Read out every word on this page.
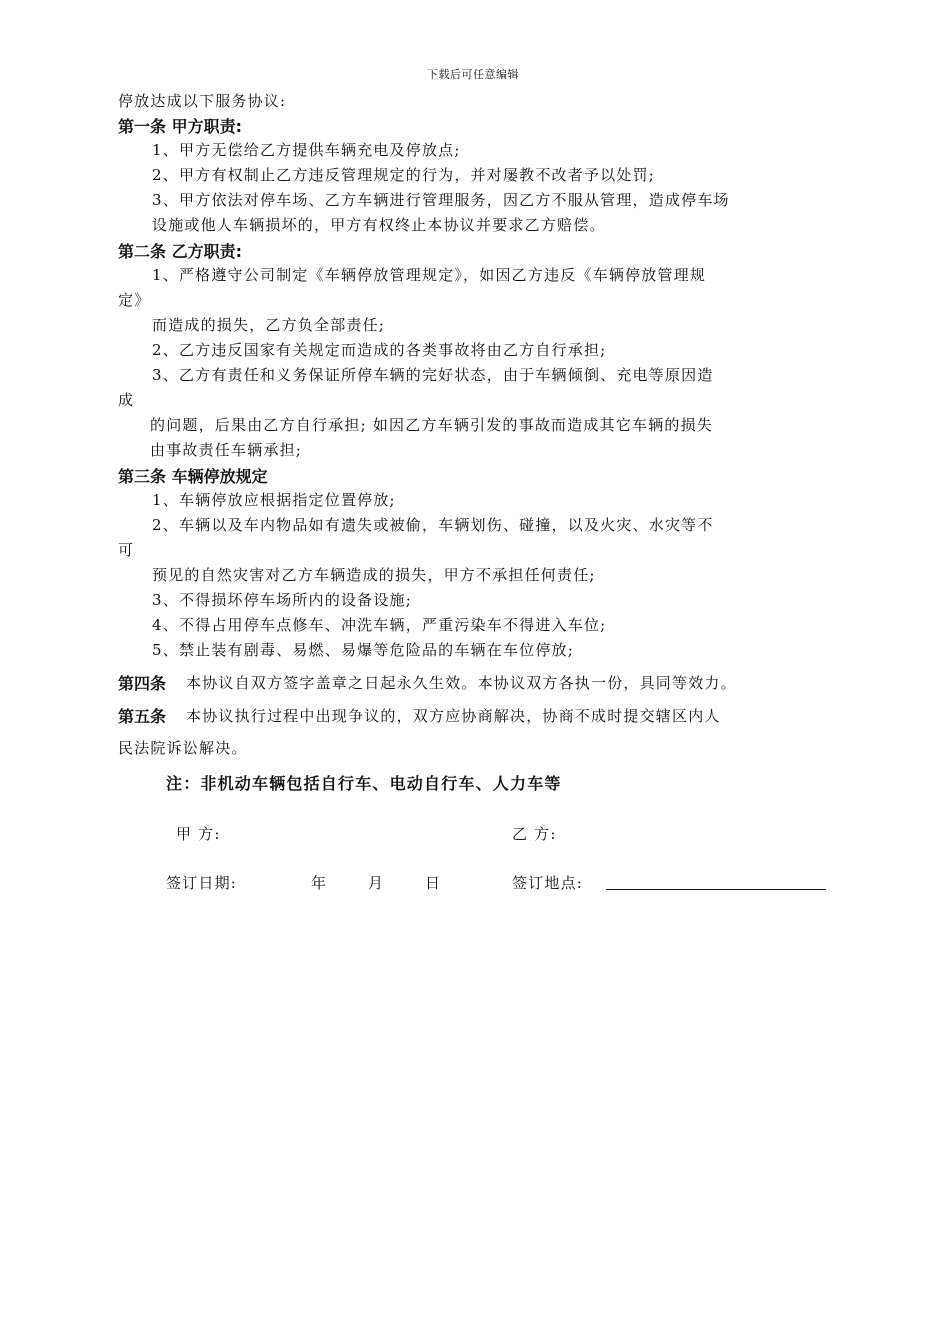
下载后可任意编辑
停放达成以下服务协议:
第一条 甲方职责:
1、甲方无偿给乙方提供车辆充电及停放点;
2、甲方有权制止乙方违反管理规定的行为，并对屡教不改者予以处罚;
3、甲方依法对停车场、乙方车辆进行管理服务，因乙方不服从管理，造成停车场
设施或他人车辆损坏的，甲方有权终止本协议并要求乙方赔偿。
第二条 乙方职责:
1、严格遵守公司制定《车辆停放管理规定》，如因乙方违反《车辆停放管理规
定》
而造成的损失，乙方负全部责任;
2、乙方违反国家有关规定而造成的各类事故将由乙方自行承担;
3、乙方有责任和义务保证所停车辆的完好状态，由于车辆倾倒、充电等原因造
成
的问题，后果由乙方自行承担; 如因乙方车辆引发的事故而造成其它车辆的损失
由事故责任车辆承担;
第三条 车辆停放规定
1、车辆停放应根据指定位置停放;
2、车辆以及车内物品如有遗失或被偷，车辆划伤、碰撞，以及火灾、水灾等不
可
预见的自然灾害对乙方车辆造成的损失，甲方不承担任何责任;
3、不得损坏停车场所内的设备设施;
4、不得占用停车点修车、冲洗车辆，严重污染车不得进入车位;
5、禁止装有剧毒、易燃、易爆等危险品的车辆在车位停放;
第四条 本协议自双方签字盖章之日起永久生效。本协议双方各执一份，具同等效力。
第五条 本协议执行过程中出现争议的，双方应协商解决，协商不成时提交辖区内人
民法院诉讼解决。
注：非机动车辆包括自行车、电动自行车、人力车等
甲 方:	乙 方:
签订日期:	年	月	日	签订地点:
